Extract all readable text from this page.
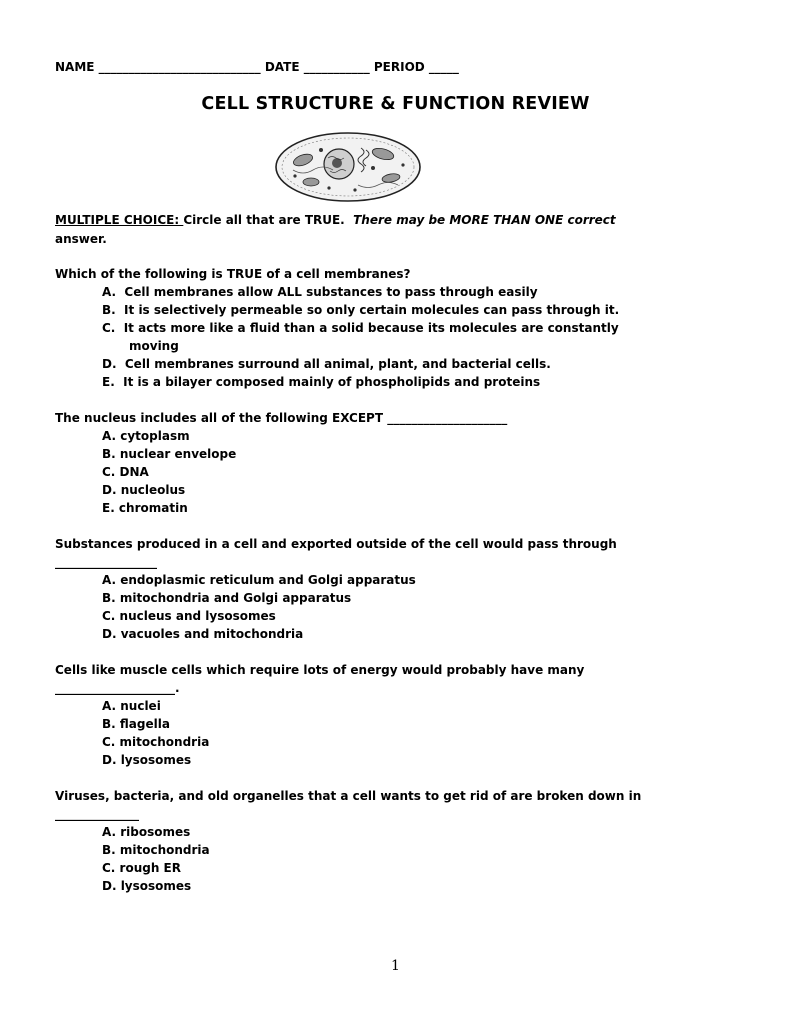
NAME ___________________________ DATE ___________ PERIOD _____
CELL STRUCTURE & FUNCTION REVIEW
MULTIPLE CHOICE: Circle all that are TRUE.  There may be MORE THAN ONE correct
answer.
Which of the following is TRUE of a cell membranes?
A.  Cell membranes allow ALL substances to pass through easily
B.  It is selectively permeable so only certain molecules can pass through it.
C.  It acts more like a fluid than a solid because its molecules are constantly
moving
D.  Cell membranes surround all animal, plant, and bacterial cells.
E.  It is a bilayer composed mainly of phospholipids and proteins
The nucleus includes all of the following EXCEPT ____________________
A. cytoplasm
B. nuclear envelope
C. DNA
D. nucleolus
E. chromatin
Substances produced in a cell and exported outside of the cell would pass through
_________________
A. endoplasmic reticulum and Golgi apparatus
B. mitochondria and Golgi apparatus
C. nucleus and lysosomes
D. vacuoles and mitochondria
Cells like muscle cells which require lots of energy would probably have many
____________________.
A. nuclei
B. flagella
C. mitochondria
D. lysosomes
Viruses, bacteria, and old organelles that a cell wants to get rid of are broken down in
______________
A. ribosomes
B. mitochondria
C. rough ER
D. lysosomes
1
